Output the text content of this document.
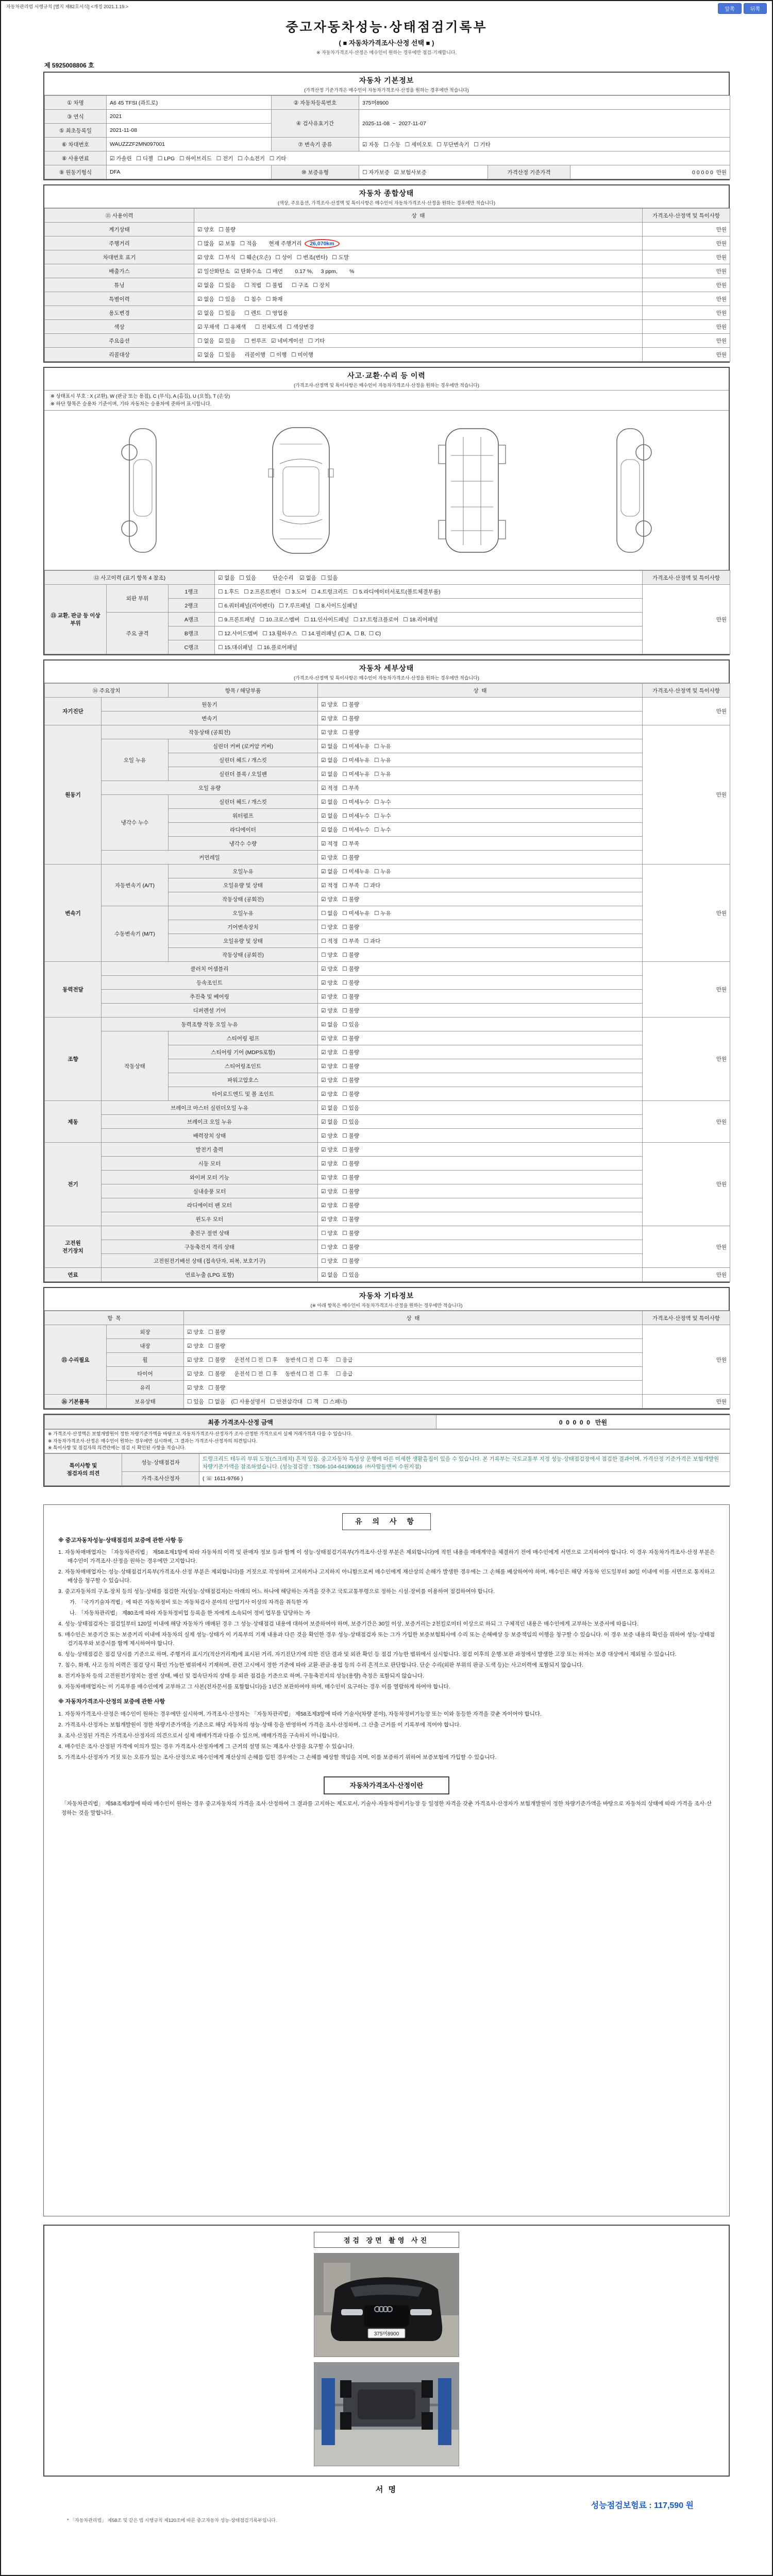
자동차관리법 시행규칙 [별지 제82호서식] <개정 2021.1.19.>	앞쪽	뒤쪽
중고자동차성능·상태점검기록부
( ■ 자동차가격조사·산정 선택 ■ )
※ 자동차가격조사·산정은 매수인이 원하는 경우에만 점검·기재합니다.
제 5925008806 호
자동차 기본정보
(가격산정 기준가격은 매수인이 자동차가격조사·산정을 원하는 경우에만 적습니다)
① 차명	A6 45 TFSI (콰트로)	② 자동차등록번호	375머8900		
③ 연식	2021	④ 검사유효기간	2025-11-08  ~  2027-11-07		
⑤ 최초등록일	2021-11-08				
⑥ 차대번호	WAUZZZF2MN097001	⑦ 변속기 종류	☑ 자동   ☐ 수동   ☐ 세미오토   ☐ 무단변속기   ☐ 기타		
⑧ 사용연료	☑ 가솔린   ☐ 디젤   ☐ LPG   ☐ 하이브리드   ☐ 전기   ☐ 수소전기   ☐ 기타				
⑨ 원동기형식	DFA	⑩ 보증유형	☐ 자가보증   ☑ 보험사보증	가격산정 기준가격	0 0 0 0 0  만원
자동차 종합상태
(색상, 주요옵션, 가격조사·산정액 및 특이사항은 매수인이 자동차가격조사·산정을 원하는 경우에만 적습니다)
⑪ 사용이력	상  태	가격조사·산정액 및 특이사항
계기상태	☑ 양호   ☐ 불량	만원
주행거리	☐ 많음   ☑ 보통   ☐ 적음        현재 주행거리  26,070km	만원
차대번호 표기	☑ 양호   ☐ 부식   ☐ 훼손(오손)   ☐ 상이   ☐ 변조(변타)   ☐ 도말	만원
배출가스	☑ 일산화탄소   ☑ 탄화수소   ☐ 매연        0.17 %,     3 ppm,        %	만원
튜닝	☑ 없음   ☐ 있음      ☐ 적법   ☐ 불법      ☐ 구조   ☐ 장치	만원
특별이력	☑ 없음   ☐ 있음      ☐ 침수   ☐ 화재	만원
용도변경	☑ 없음   ☐ 있음      ☐ 렌트   ☐ 영업용	만원
색상	☑ 무채색   ☐ 유채색      ☐ 전체도색   ☐ 색상변경	만원
주요옵션	☐ 없음   ☑ 있음      ☐ 썬루프   ☑ 네비게이션   ☐ 기타	만원
리콜대상	☑ 없음   ☐ 있음      리콜이행   ☐ 이행   ☐ 미이행	만원
사고·교환·수리 등 이력
(가격조사·산정액 및 특이사항은 매수인이 자동차가격조사·산정을 원하는 경우에만 적습니다)
※ 상태표시 부호 : X (교환), W (판금 또는 용접), C (부식), A (흠집), U (요철), T (손상)
※ 하단 항목은 승용차 기준이며, 기타 자동차는 승용차에 준하여 표시합니다.
⑫ 사고이력 (표기 항목 4 참조)			☑ 없음   ☐ 있음           단순수리    ☑ 없음   ☐ 있음	가격조사·산정액 및 특이사항
⑬ 교환, 판금 등 이상 부위	외판 부위	1랭크	☐ 1.후드   ☐ 2.프론트펜더   ☐ 3.도어   ☐ 4.트렁크리드   ☐ 5.라디에이터서포트(볼트체결부품)	만원
		2랭크	☐ 6.쿼터패널(리어펜더)   ☐ 7.루프패널   ☐ 8.사이드실패널	
	주요 골격	A랭크	☐ 9.프론트패널   ☐ 10.크로스멤버   ☐ 11.인사이드패널   ☐ 17.트렁크플로어   ☐ 18.리어패널	
		B랭크	☐ 12.사이드멤버   ☐ 13.휠하우스   ☐ 14.필러패널 (☐ A,  ☐ B,  ☐ C)	
		C랭크	☐ 15.대쉬패널   ☐ 16.플로어패널	
자동차 세부상태
(가격조사·산정액 및 특이사항은 매수인이 자동차가격조사·산정을 원하는 경우에만 적습니다)
⑭ 주요장치		항목 / 해당부품	상  태	가격조사·산정액 및 특이사항
자기진단	원동기		☑ 양호   ☐ 불량	만원
	변속기		☑ 양호   ☐ 불량	
원동기	작동상태 (공회전)		☑ 양호   ☐ 불량	만원
	오일 누유	실린더 커버 (로커암 커버)	☑ 없음   ☐ 미세누유   ☐ 누유	
		실린더 헤드 / 개스킷	☑ 없음   ☐ 미세누유   ☐ 누유	
		실린더 블록 / 오일팬	☑ 없음   ☐ 미세누유   ☐ 누유	
	오일 유량		☑ 적정   ☐ 부족	
	냉각수 누수	실린더 헤드 / 개스킷	☑ 없음   ☐ 미세누수   ☐ 누수	
		워터펌프	☑ 없음   ☐ 미세누수   ☐ 누수	
		라디에이터	☑ 없음   ☐ 미세누수   ☐ 누수	
		냉각수 수량	☑ 적정   ☐ 부족	
	커먼레일		☑ 양호   ☐ 불량	
변속기	자동변속기 (A/T)	오일누유	☑ 없음   ☐ 미세누유   ☐ 누유	만원
		오일유량 및 상태	☑ 적정   ☐ 부족   ☐ 과다	
		작동상태 (공회전)	☑ 양호   ☐ 불량	
	수동변속기 (M/T)	오일누유	☐ 없음   ☐ 미세누유   ☐ 누유	
		기어변속장치	☐ 양호   ☐ 불량	
		오일유량 및 상태	☐ 적정   ☐ 부족   ☐ 과다	
		작동상태 (공회전)	☐ 양호   ☐ 불량	
동력전달	클러치 어셈블리		☑ 양호   ☐ 불량	만원
	등속조인트		☑ 양호   ☐ 불량	
	추진축 및 베어링		☑ 양호   ☐ 불량	
	디퍼렌셜 기어		☑ 양호   ☐ 불량	
조향	동력조향 작동 오일 누유		☑ 없음   ☐ 있음	만원
	작동상태	스티어링 펌프	☑ 양호   ☐ 불량	
		스티어링 기어 (MDPS포함)	☑ 양호   ☐ 불량	
		스티어링조인트	☑ 양호   ☐ 불량	
		파워고압호스	☑ 양호   ☐ 불량	
		타이로드엔드 및 볼 조인트	☑ 양호   ☐ 불량	
제동	브레이크 마스터 실린더오일 누유		☑ 없음   ☐ 있음	만원
	브레이크 오일 누유		☑ 없음   ☐ 있음	
	배력장치 상태		☑ 양호   ☐ 불량	
전기	발전기 출력		☑ 양호   ☐ 불량	만원
	시동 모터		☑ 양호   ☐ 불량	
	와이퍼 모터 기능		☑ 양호   ☐ 불량	
	실내송풍 모터		☑ 양호   ☐ 불량	
	라디에이터 팬 모터		☑ 양호   ☐ 불량	
	윈도우 모터		☑ 양호   ☐ 불량	
고전원
전기장치	충전구 절연 상태		☐ 양호   ☐ 불량	만원
	구동축전지 격리 상태		☐ 양호   ☐ 불량	
	고전원전기배선 상태 (접속단자, 피복, 보호기구)		☐ 양호   ☐ 불량	
연료	연료누출 (LPG 포함)		☑ 없음   ☐ 있음	만원
자동차 기타정보
(※ 아래 항목은 매수인이 자동차가격조사·산정을 원하는 경우에만 적습니다)
항  목		상  태	가격조사·산정액 및 특이사항
⑮ 수리필요	외장	☑ 양호   ☐ 불량	만원
	내장	☑ 양호   ☐ 불량	
	휠	☑ 양호   ☐ 불량      운전석 ☐ 전  ☐ 후     동반석 ☐ 전  ☐ 후     ☐ 응급	
	타이어	☑ 양호   ☐ 불량      운전석 ☐ 전  ☐ 후     동반석 ☐ 전  ☐ 후     ☐ 응급	
	유리	☑ 양호   ☐ 불량	
⑯ 기본품목	보유상태	☐ 있음   ☐ 없음    (☐ 사용설명서   ☐ 안전삼각대   ☐ 잭   ☐ 스패너)	만원
최종 가격조사·산정 금액	0  0  0  0  0   만원
※ 가격조사·산정액은 보험개발원이 정한 차량기준가액을 바탕으로 자동차가격조사·산정자가 조사·산정한 가격으로서 실제 거래가격과 다를 수 있습니다.
※ 자동차가격조사·산정은 매수인이 원하는 경우에만 실시하며, 그 결과는 가격조사·산정자의 의견입니다.
※ 특이사항 및 점검자의 의견란에는 점검 시 확인된 사항을 적습니다.
특이사항 및
점검자의 의견	성능·상태점검자	트렁크리드 테두리 부위 도장(스크래치) 흔적 있음. 중고자동차 특성상 운행에 따른 미세한 생활흠집이 있을 수 있습니다. 본 기록부는 국토교통부 지정 성능·상태점검장에서 점검한 결과이며, 가격산정 기준가격은 보험개발원 차량기준가액을 참조하였습니다. (성능점검장 : TS06-104-64190616  ㈜사람들앤씨 수원지점)
	가격·조사산정자	( ☏ 1611-9766 )
유 의 사 항
※ 중고자동차성능·상태점검의 보증에 관한 사항 등
1. 자동차매매업자는 「자동차관리법」 제58조제1항에 따라 자동차의 이력 및 판매자 정보 등과 함께 이 성능·상태점검기록부(가격조사·산정 부분은 제외합니다)에 적힌 내용을 매매계약을 체결하기 전에 매수인에게 서면으로 고지하여야 합니다. 이 경우 자동차가격조사·산정 부분은 매수인이 가격조사·산정을 원하는 경우에만 고지합니다.
2. 자동차매매업자는 성능·상태점검기록부(가격조사·산정 부분은 제외합니다)를 거짓으로 작성하여 고지하거나 고지하지 아니함으로써 매수인에게 재산상의 손해가 발생한 경우에는 그 손해를 배상하여야 하며, 매수인은 해당 자동차 인도일부터 30일 이내에 이를 서면으로 통지하고 배상을 청구할 수 있습니다.
3. 중고자동차의 구조·장치 등의 성능·상태를 점검한 자(성능·상태점검자)는 아래의 어느 하나에 해당하는 자격을 갖추고 국토교통부령으로 정하는 시설·장비를 이용하여 점검하여야 합니다.
가. 「국가기술자격법」에 따른 자동차정비 또는 자동차검사 분야의 산업기사 이상의 자격을 취득한 자
나. 「자동차관리법」 제80조에 따라 자동차정비업 등록을 한 자에게 소속되어 정비 업무를 담당하는 자
4. 성능·상태점검자는 점검일부터 120일 이내에 해당 자동차가 매매된 경우 그 성능·상태점검 내용에 대하여 보증하여야 하며, 보증기간은 30일 이상, 보증거리는 2천킬로미터 이상으로 하되 그 구체적인 내용은 매수인에게 교부하는 보증서에 따릅니다.
5. 매수인은 보증기간 또는 보증거리 이내에 자동차의 실제 성능·상태가 이 기록부의 기재 내용과 다른 것을 확인한 경우 성능·상태점검자 또는 그가 가입한 보증보험회사에 수리 또는 손해배상 등 보증책임의 이행을 청구할 수 있습니다. 이 경우 보증 내용의 확인을 위하여 성능·상태점검기록부와 보증서를 함께 제시하여야 합니다.
6. 성능·상태점검은 점검 당시를 기준으로 하며, 주행거리 표시기(적산거리계)에 표시된 거리, 자기진단기에 의한 진단 결과 및 외관 확인 등 점검 가능한 범위에서 실시합니다. 점검 이후의 운행·보관 과정에서 발생한 고장 또는 하자는 보증 대상에서 제외될 수 있습니다.
7. 침수, 화재, 사고 등의 이력은 점검 당시 확인 가능한 범위에서 기재하며, 관련 고시에서 정한 기준에 따라 교환·판금·용접 등의 수리 흔적으로 판단합니다. 단순 수리(외판 부위의 판금·도색 등)는 사고이력에 포함되지 않습니다.
8. 전기자동차 등의 고전원전기장치는 절연 상태, 배선 및 접속단자의 상태 등 외관 점검을 기준으로 하며, 구동축전지의 성능(용량) 측정은 포함되지 않습니다.
9. 자동차매매업자는 이 기록부를 매수인에게 교부하고 그 사본(전자문서를 포함합니다)을 1년간 보관하여야 하며, 매수인이 요구하는 경우 이를 열람하게 하여야 합니다.
※ 자동차가격조사·산정의 보증에 관한 사항
1. 자동차가격조사·산정은 매수인이 원하는 경우에만 실시하며, 가격조사·산정자는 「자동차관리법」 제58조제3항에 따라 기술사(차량 분야), 자동차정비기능장 또는 이와 동등한 자격을 갖춘 자이어야 합니다.
2. 가격조사·산정자는 보험개발원이 정한 차량기준가액을 기준으로 해당 자동차의 성능·상태 등을 반영하여 가격을 조사·산정하며, 그 산출 근거를 이 기록부에 적어야 합니다.
3. 조사·산정된 가격은 가격조사·산정자의 의견으로서 실제 매매가격과 다를 수 있으며, 매매가격을 구속하지 아니합니다.
4. 매수인은 조사·산정된 가격에 이의가 있는 경우 가격조사·산정자에게 그 근거의 설명 또는 재조사·산정을 요구할 수 있습니다.
5. 가격조사·산정자가 거짓 또는 오류가 있는 조사·산정으로 매수인에게 재산상의 손해를 입힌 경우에는 그 손해를 배상할 책임을 지며, 이를 보증하기 위하여 보증보험에 가입할 수 있습니다.
자동차가격조사·산정이란
「자동차관리법」 제58조제3항에 따라 매수인이 원하는 경우 중고자동차의 가격을 조사·산정하여 그 결과를 고지하는 제도로서, 기술사·자동차정비기능장 등 일정한 자격을 갖춘 가격조사·산정자가 보험개발원이 정한 차량기준가액을 바탕으로 자동차의 상태에 따라 가격을 조사·산정하는 것을 말합니다.
점검 장면 촬영 사진
375머8900
서 명
성능점검보험료 : 117,590 원
* 「자동차관리법」 제58조 및 같은 법 시행규칙 제120조에 따른 중고자동차 성능·상태점검기록부입니다.
